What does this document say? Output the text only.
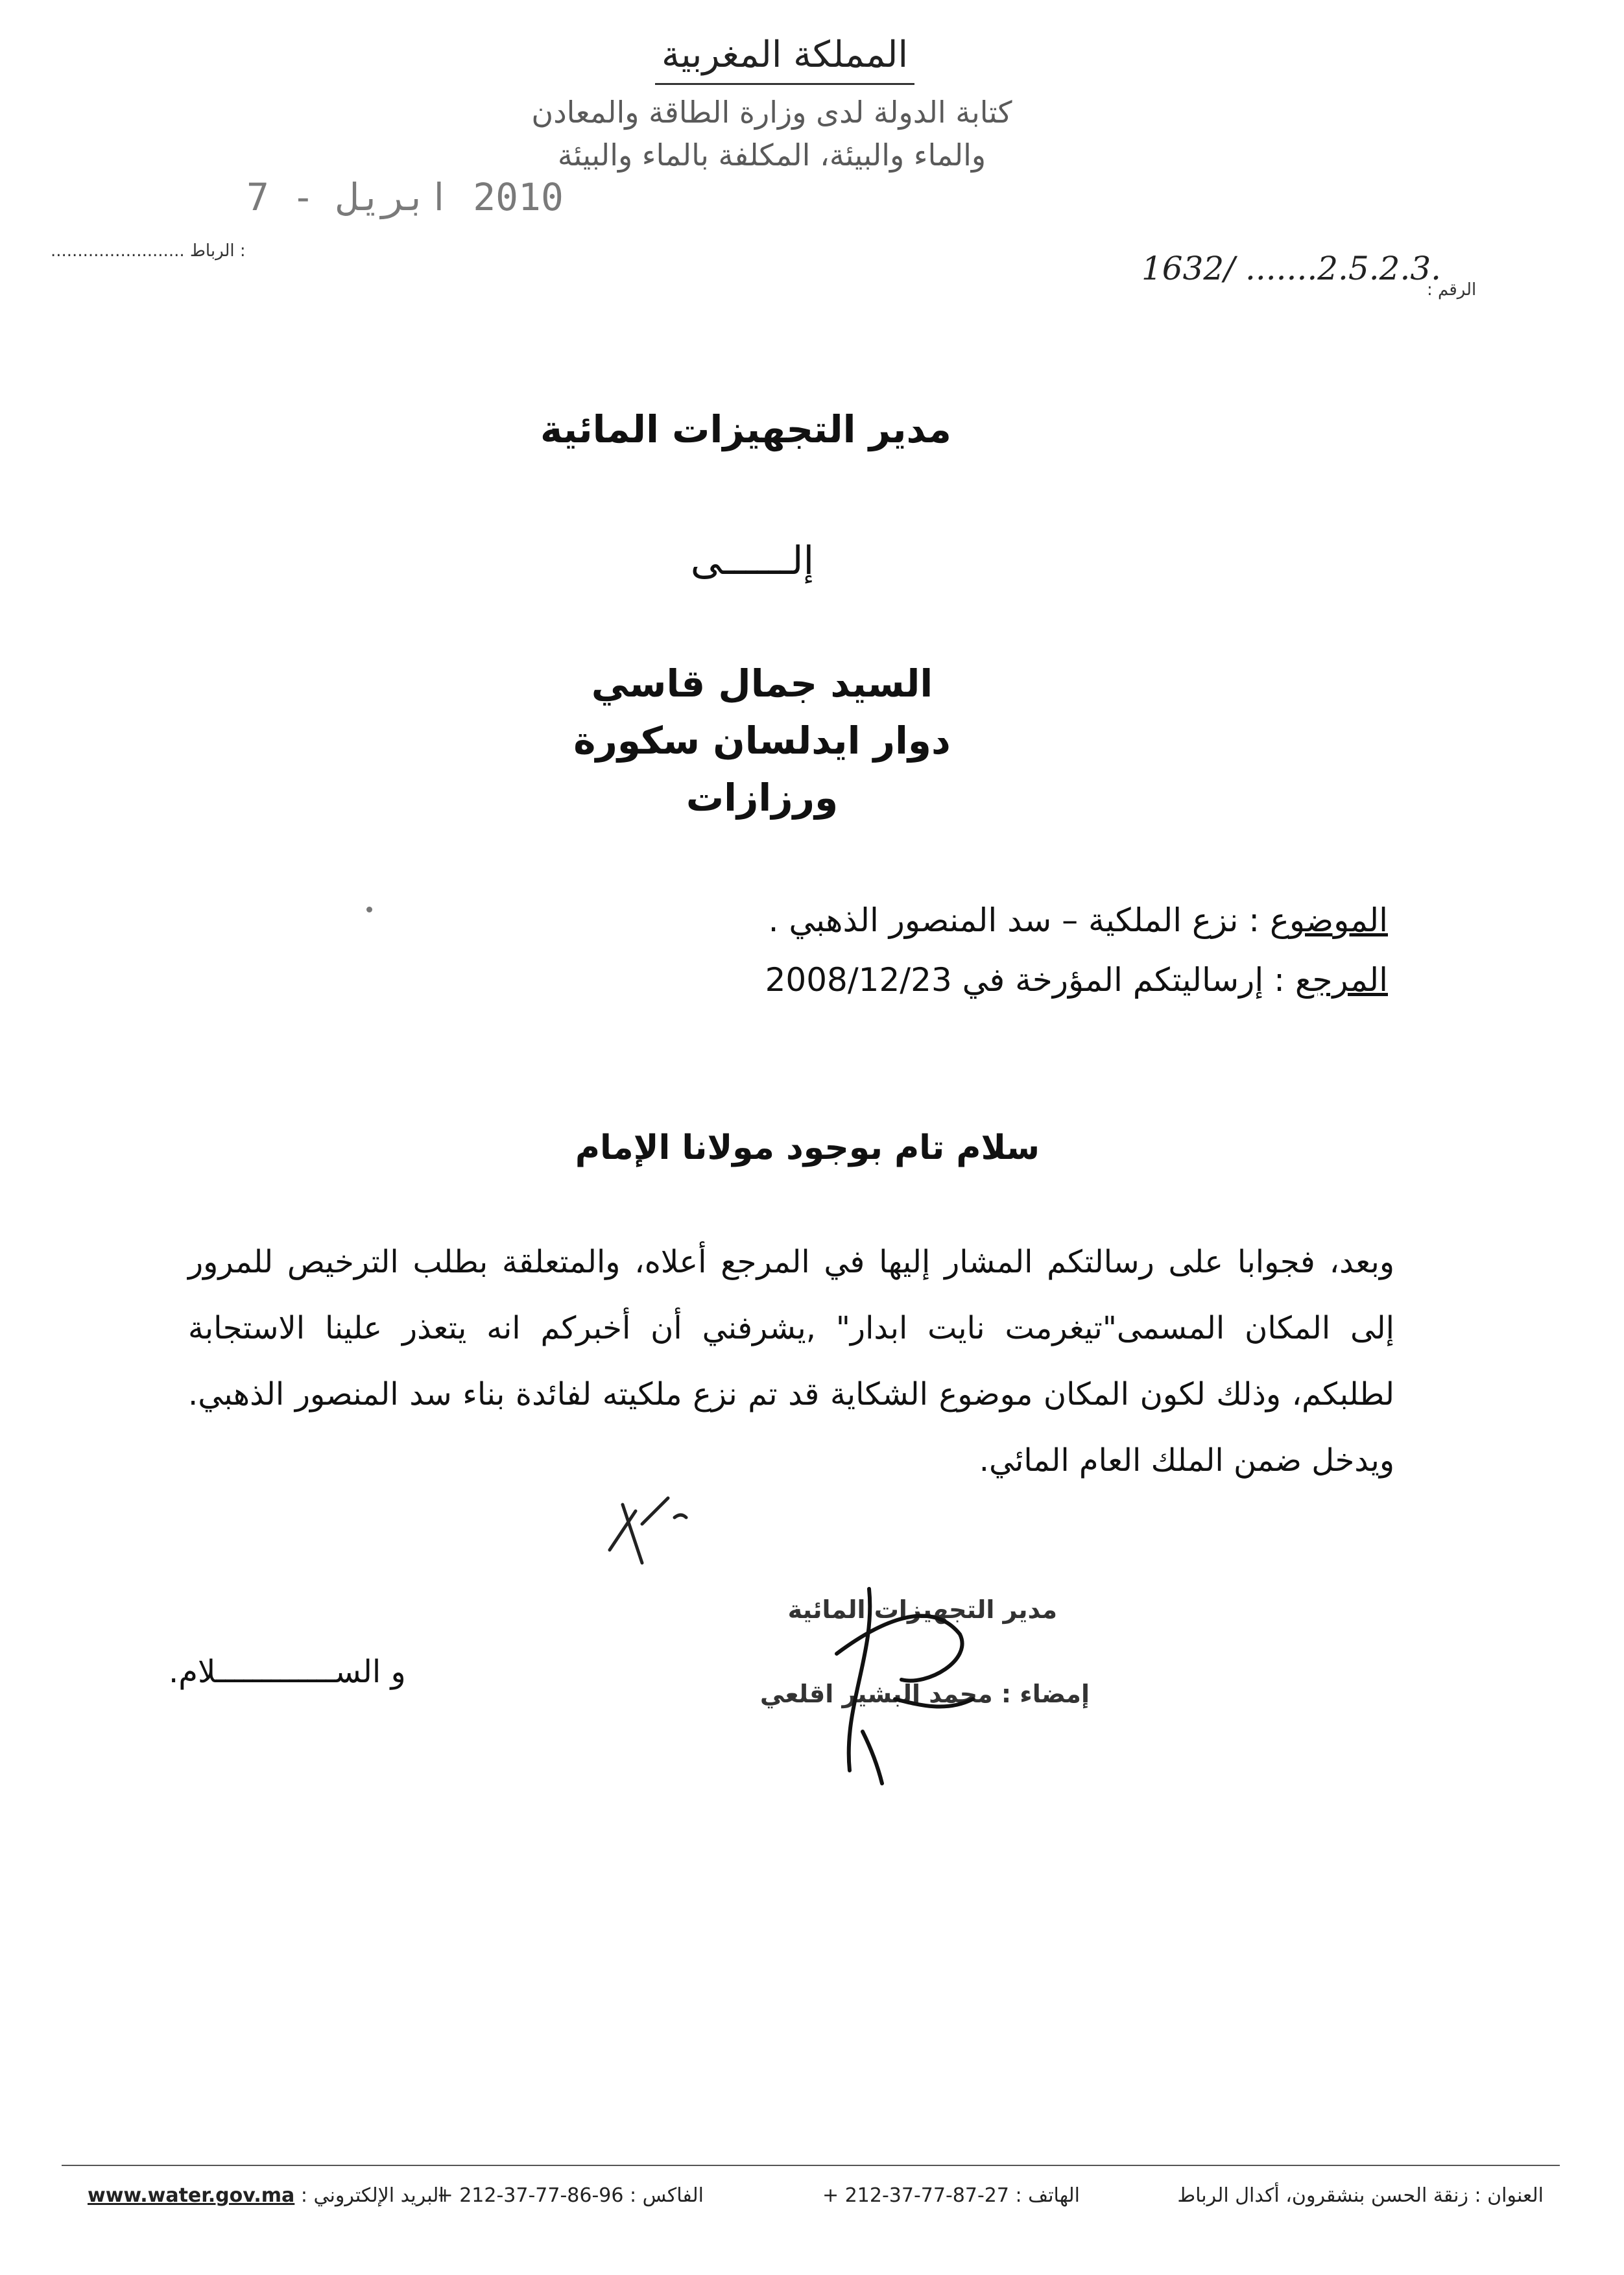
المملكة المغربية
كتابة الدولة لدى وزارة الطاقة والمعادن
والماء والبيئة، المكلفة بالماء والبيئة
2010 ابريل - 7
......................... الرباط :	1632/ .......2.5.2.3.
الرقم :
مدير التجهيزات المائية
إلــــــى
السيد جمال قاسي
دوار ايدلسان سكورة
ورزازات
الموضوع : نزع الملكية – سد المنصور الذهبي .
المرجع : إرساليتكم المؤرخة في 2008/12/23
سلام تام بوجود مولانا الإمام
وبعد، فجوابا على رسالتكم المشار إليها في المرجع أعلاه، والمتعلقة بطلب الترخيص للمرور إلى المكان المسمى"تيغرمت نايت ابدار" ,يشرفني أن أخبركم انه يتعذر علينا الاستجابة لطلبكم، وذلك لكون المكان موضوع الشكاية قد تم نزع ملكيته لفائدة بناء سد المنصور الذهبي. ويدخل ضمن الملك العام المائي.
و الســـــــــــــلام.
مدير التجهيزات المائية
إمضاء : محمد البشير اقلعي
العنوان : زنقة الحسن بنشقرون، أكدال الرباط
الهاتف : + 212-37-77-87-27
الفاكس : + 212-37-77-86-96
www.water.gov.ma البريد الإلكتروني :
